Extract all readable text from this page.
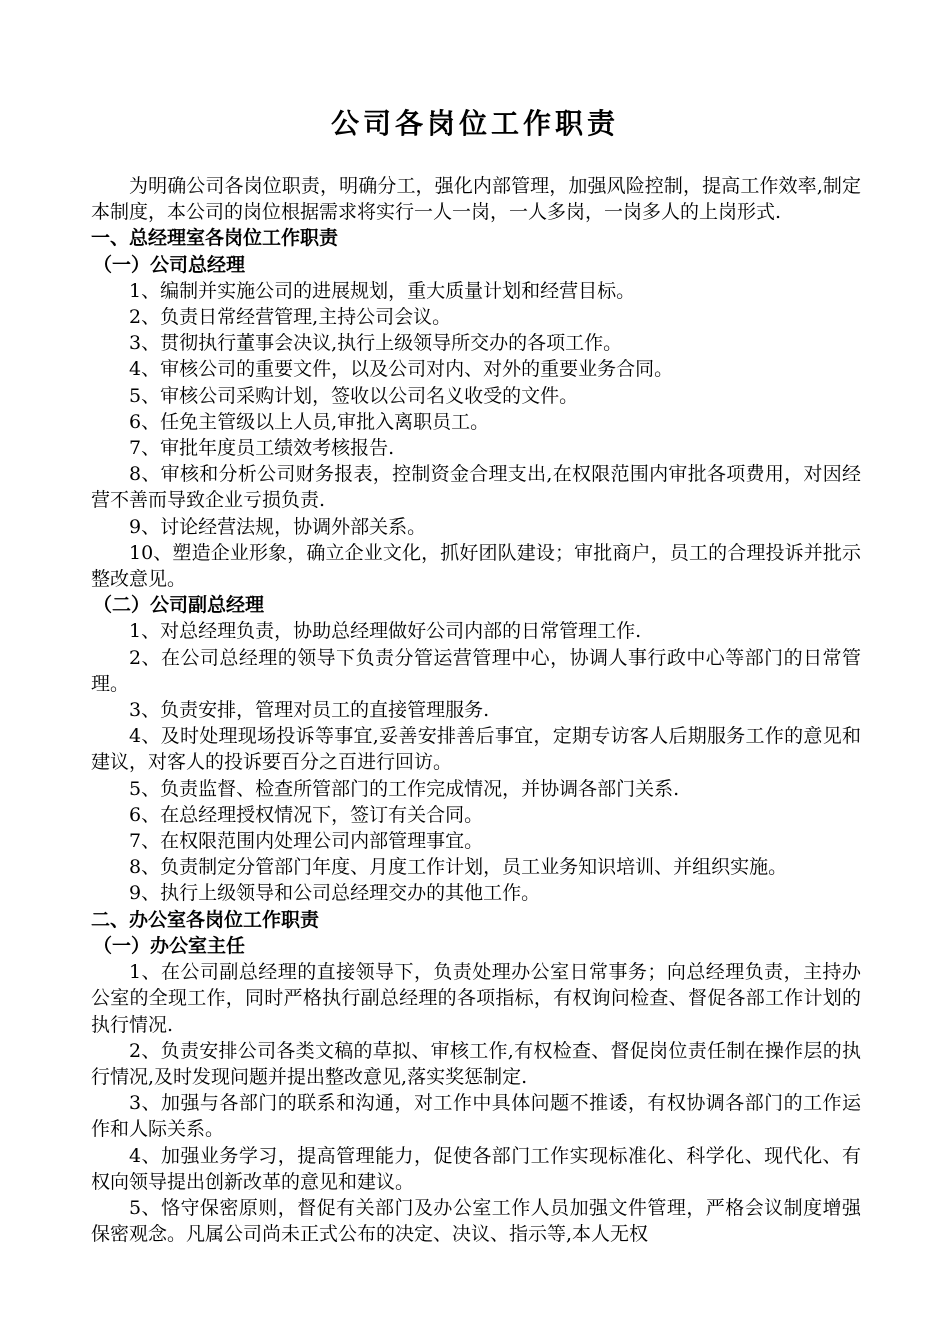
公司各岗位工作职责

为明确公司各岗位职责，明确分工，强化内部管理，加强风险控制，提高工作效率,制定本制度，本公司的岗位根据需求将实行一人一岗，一人多岗，一岗多人的上岗形式.

一、总经理室各岗位工作职责

（一）公司总经理

1、编制并实施公司的进展规划，重大质量计划和经营目标。

2、负责日常经营管理,主持公司会议。

3、贯彻执行董事会决议,执行上级领导所交办的各项工作。

4、审核公司的重要文件，以及公司对内、对外的重要业务合同。

5、审核公司采购计划，签收以公司名义收受的文件。

6、任免主管级以上人员,审批入离职员工。

7、审批年度员工绩效考核报告.

8、审核和分析公司财务报表，控制资金合理支出,在权限范围内审批各项费用，对因经营不善而导致企业亏损负责.

9、讨论经营法规，协调外部关系。

10、塑造企业形象，确立企业文化，抓好团队建设；审批商户，员工的合理投诉并批示整改意见。

（二）公司副总经理

1、对总经理负责，协助总经理做好公司内部的日常管理工作.

2、在公司总经理的领导下负责分管运营管理中心，协调人事行政中心等部门的日常管理。

3、负责安排，管理对员工的直接管理服务.

4、及时处理现场投诉等事宜,妥善安排善后事宜，定期专访客人后期服务工作的意见和建议，对客人的投诉要百分之百进行回访。

5、负责监督、检查所管部门的工作完成情况，并协调各部门关系.

6、在总经理授权情况下，签订有关合同。

7、在权限范围内处理公司内部管理事宜。

8、负责制定分管部门年度、月度工作计划，员工业务知识培训、并组织实施。

9、执行上级领导和公司总经理交办的其他工作。

二、办公室各岗位工作职责

（一）办公室主任

1、在公司副总经理的直接领导下，负责处理办公室日常事务；向总经理负责，主持办公室的全现工作，同时严格执行副总经理的各项指标，有权询问检查、督促各部工作计划的执行情况.

2、负责安排公司各类文稿的草拟、审核工作,有权检查、督促岗位责任制在操作层的执行情况,及时发现问题并提出整改意见,落实奖惩制定.

3、加强与各部门的联系和沟通，对工作中具体问题不推诿，有权协调各部门的工作运作和人际关系。

4、加强业务学习，提高管理能力，促使各部门工作实现标准化、科学化、现代化、有权向领导提出创新改革的意见和建议。

5、恪守保密原则，督促有关部门及办公室工作人员加强文件管理，严格会议制度增强保密观念。凡属公司尚未正式公布的决定、决议、指示等,本人无权
